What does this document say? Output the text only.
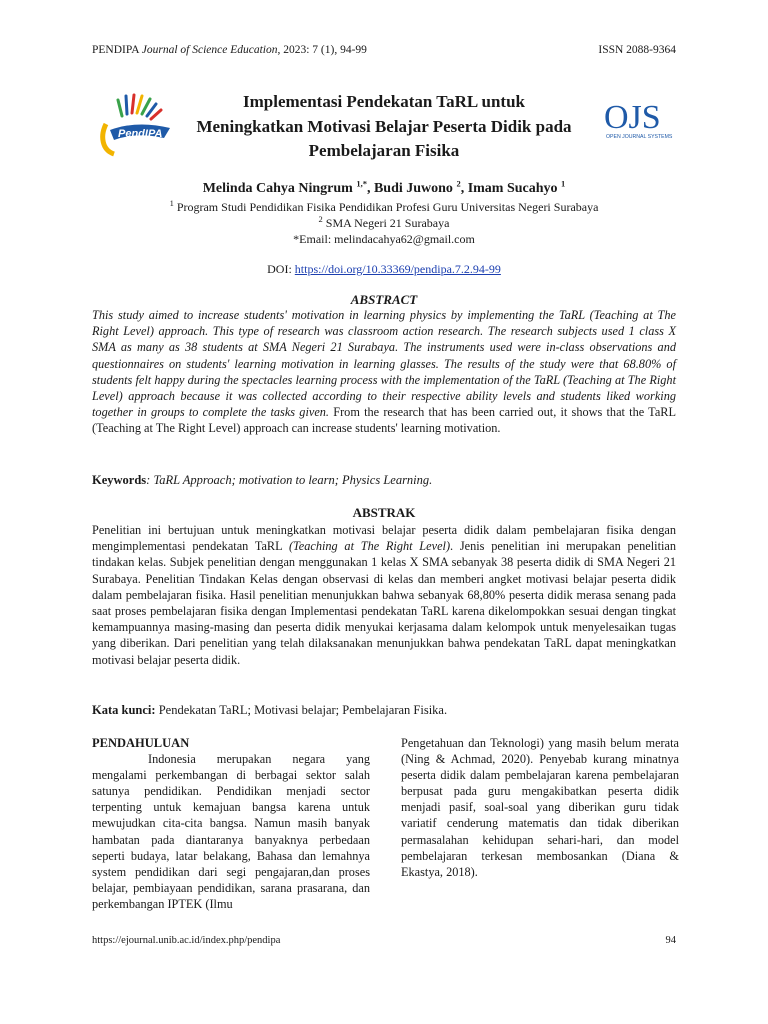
PENDIPA Journal of Science Education, 2023: 7 (1), 94-99	ISSN 2088-9364
PendIPA
Implementasi Pendekatan TaRL untuk
Meningkatkan Motivasi Belajar Peserta Didik pada
Pembelajaran Fisika
OJS
OPEN JOURNAL SYSTEMS
Melinda Cahya Ningrum $^{1,*}$, Budi Juwono $^2$, Imam Sucahyo $^1$
$^1$ Program Studi Pendidikan Fisika Pendidikan Profesi Guru Universitas Negeri Surabaya
$^2$ SMA Negeri 21 Surabaya
*Email: melindacahya62@gmail.com
DOI: https://doi.org/10.33369/pendipa.7.2.94-99
ABSTRACT
This study aimed to increase students' motivation in learning physics by implementing the TaRL (Teaching at The Right Level) approach. This type of research was classroom action research. The research subjects used 1 class X SMA as many as 38 students at SMA Negeri 21 Surabaya. The instruments used were in-class observations and questionnaires on students' learning motivation in learning glasses. The results of the study were that 68.80% of students felt happy during the spectacles learning process with the implementation of the TaRL (Teaching at The Right Level) approach because it was collected according to their respective ability levels and students liked working together in groups to complete the tasks given. From the research that has been carried out, it shows that the TaRL (Teaching at The Right Level) approach can increase students' learning motivation.
Keywords: TaRL Approach; motivation to learn; Physics Learning.
ABSTRAK
Penelitian ini bertujuan untuk meningkatkan motivasi belajar peserta didik dalam pembelajaran fisika dengan mengimplementasi pendekatan TaRL (Teaching at The Right Level). Jenis penelitian ini merupakan penelitian tindakan kelas. Subjek penelitian dengan menggunakan 1 kelas X SMA sebanyak 38 peserta didik di SMA Negeri 21 Surabaya. Penelitian Tindakan Kelas dengan observasi di kelas dan memberi angket motivasi belajar peserta didik dalam pembelajaran fisika. Hasil penelitian menunjukkan bahwa sebanyak 68,80% peserta didik merasa senang pada saat proses pembelajaran fisika dengan Implementasi pendekatan TaRL karena dikelompokkan sesuai dengan tingkat kemampuannya masing-masing dan peserta didik menyukai kerjasama dalam kelompok untuk menyelesaikan tugas yang diberikan. Dari penelitian yang telah dilaksanakan menunjukkan bahwa pendekatan TaRL dapat meningkatkan motivasi belajar peserta didik.
Kata kunci: Pendekatan TaRL; Motivasi belajar; Pembelajaran Fisika.
PENDAHULUAN

Indonesia merupakan negara yang mengalami perkembangan di berbagai sektor salah satunya pendidikan. Pendidikan menjadi sector terpenting untuk kemajuan bangsa karena untuk mewujudkan cita-cita bangsa. Namun masih banyak hambatan pada diantaranya banyaknya perbedaan seperti budaya, latar belakang, Bahasa dan lemahnya system pendidikan dari segi pengajaran,dan proses belajar, pembiayaan pendidikan, sarana prasarana, dan perkembangan IPTEK (Ilmu

Pengetahuan dan Teknologi) yang masih belum merata (Ning & Achmad, 2020). Penyebab kurang minatnya peserta didik dalam pembelajaran karena pembelajaran berpusat pada guru mengakibatkan peserta didik menjadi pasif, soal-soal yang diberikan guru tidak variatif cenderung matematis dan tidak diberikan permasalahan kehidupan sehari-hari, dan model pembelajaran terkesan membosankan (Diana & Ekastya, 2018).

https://ejournal.unib.ac.id/index.php/pendipa	94
